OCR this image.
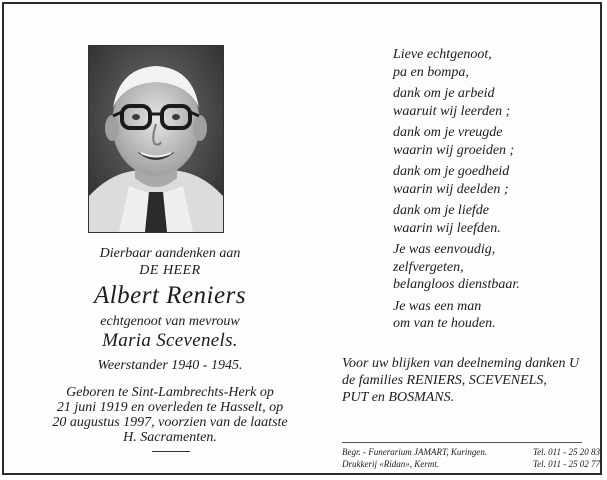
Dierbaar aandenken aan

DE HEER

Albert Reniers

echtgenoot van mevrouw

Maria Scevenels.

Weerstander 1940 - 1945.

Geboren te Sint-Lambrechts-Herk op
21 juni 1919 en overleden te Hasselt, op
20 augustus 1997, voorzien van de laatste
H. Sacramenten.
Lieve echtgenoot,
pa en bompa,
dank om je arbeid
waaruit wij leerden ;
dank om je vreugde
waarin wij groeiden ;
dank om je goedheid
waarin wij deelden ;
dank om je liefde
waarin wij leefden.
Je was eenvoudig,
zelfvergeten,
belangloos dienstbaar.
Je was een man
om van te houden.
Voor uw blijken van deelneming danken U
de families RENIERS, SCEVENELS,
PUT en BOSMANS.
Begr. - Funerarium JAMART, Kuringen.	Tel. 011 - 25 20 83
Drukkerij «Ridan», Kermt.	Tel. 011 - 25 02 77
